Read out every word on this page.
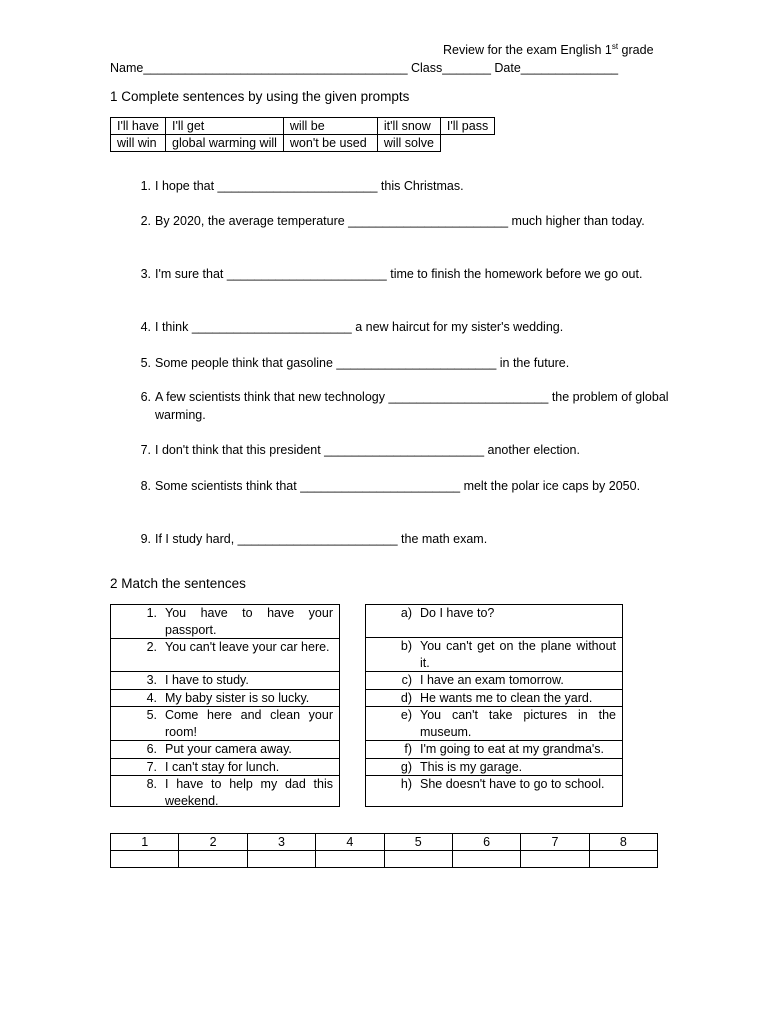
Review for the exam English 1st grade
Name______________________________________ Class_______ Date______________
1 Complete sentences by using the given prompts
I'll have	I'll get	will be	it'll snow	I'll pass
will win	global warming will	won't be used	will solve	
1. I hope that _______________________ this Christmas.
2. By 2020, the average temperature _______________________ much higher than today.
3. I'm sure that _______________________ time to finish the homework before we go out.
4. I think _______________________ a new haircut for my sister's wedding.
5. Some people think that gasoline _______________________ in the future.
6. A few scientists think that new technology _______________________ the problem of global warming.
7. I don't think that this president _______________________ another election.
8. Some scientists think that _______________________ melt the polar ice caps by 2050.
9. If I study hard, _______________________ the math exam.
2 Match the sentences
1.	You have to have your passport.
2.	You can't leave your car here.
3.	I have to study.
4.	My baby sister is so lucky.
5.	Come here and clean your room!
6.	Put your camera away.
7.	I can't stay for lunch.
8.	I have to help my dad this weekend.
a)	Do I have to?
b)	You can't get on the plane without it.
c)	I have an exam tomorrow.
d)	He wants me to clean the yard.
e)	You can't take pictures in the museum.
f)	I'm going to eat at my grandma's.
g)	This is my garage.
h)	She doesn't have to go to school.
1	2	3	4	5	6	7	8
